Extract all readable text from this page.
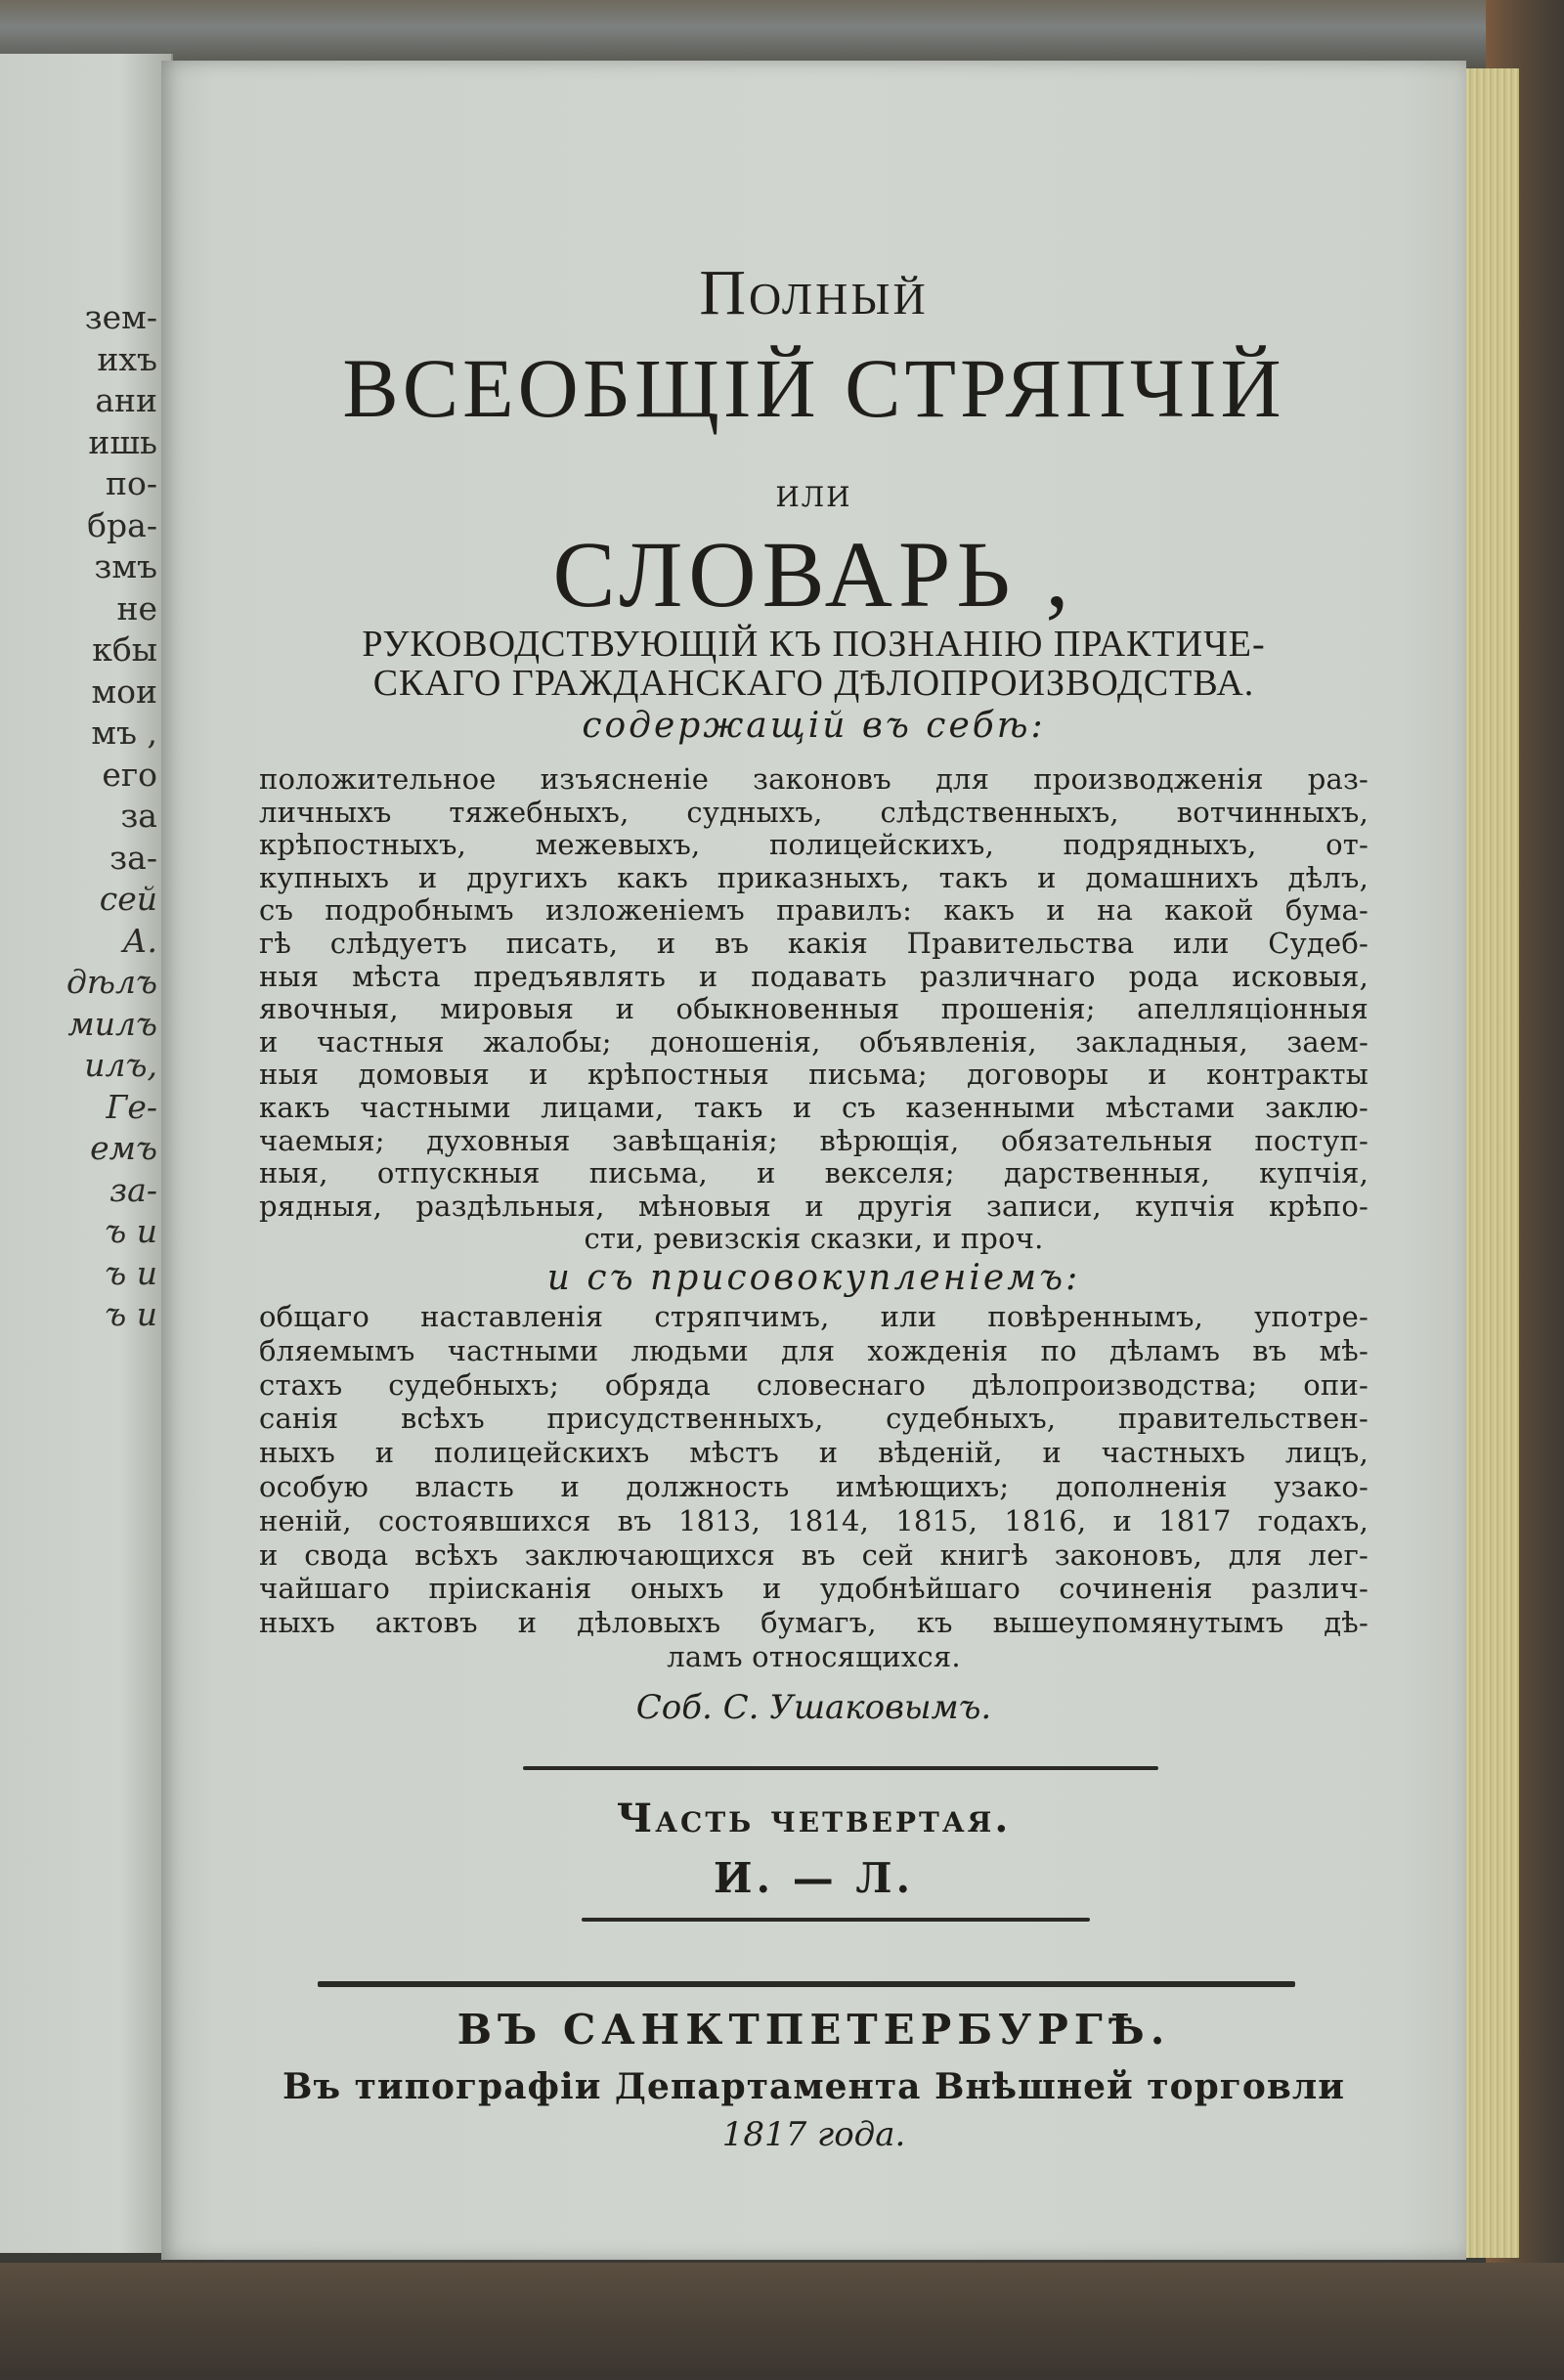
зем-
ихъ
ани
ишь
по-
бра-
змъ
не
кбы
мои
мъ ,
его
за
за-
сей
А.
дѣлъ
милъ
илъ,
Ге-
емъ
за-
ъ и
ъ и
ъ и
Полный
ВСЕОБЩІЙ СТРЯПЧІЙ
или
СЛОВАРЬ ,
РУКОВОДСТВУЮЩІЙ КЪ ПОЗНАНІЮ ПРАКТИЧЕ-
СКАГО ГРАЖДАНСКАГО ДѢЛОПРОИЗВОДСТВА.
содержащій въ себѣ:
положительное изъясненіе законовъ для производженія раз-
личныхъ тяжебныхъ, судныхъ, слѣдственныхъ, вотчинныхъ,
крѣпостныхъ, межевыхъ, полицейскихъ, подрядныхъ, от-
купныхъ и другихъ какъ приказныхъ, такъ и домашнихъ дѣлъ,
съ подробнымъ изложеніемъ правилъ: какъ и на какой бума-
гѣ слѣдуетъ писать, и въ какія Правительства или Судеб-
ныя мѣста предъявлять и подавать различнаго рода исковыя,
явочныя, мировыя и обыкновенныя прошенія; апелляціонныя
и частныя жалобы; доношенія, объявленія, закладныя, заем-
ныя домовыя и крѣпостныя письма; договоры и контракты
какъ частными лицами, такъ и съ казенными мѣстами заклю-
чаемыя; духовныя завѣщанія; вѣрющія, обязательныя поступ-
ныя, отпускныя письма, и векселя; дарственныя, купчія,
рядныя, раздѣльныя, мѣновыя и другія записи, купчія крѣпо-
сти, ревизскія сказки, и проч.
и съ присовокупленіемъ:
общаго наставленія стряпчимъ, или повѣреннымъ, употре-
бляемымъ частными людьми для хожденія по дѣламъ въ мѣ-
стахъ судебныхъ; обряда словеснаго дѣлопроизводства; опи-
санія всѣхъ присудственныхъ, судебныхъ, правительствен-
ныхъ и полицейскихъ мѣстъ и вѣденій, и частныхъ лицъ,
особую власть и должность имѣющихъ; дополненія узако-
неній, состоявшихся въ 1813, 1814, 1815, 1816, и 1817 годахъ,
и свода всѣхъ заключающихся въ сей книгѣ законовъ, для лег-
чайшаго пріисканія оныхъ и удобнѣйшаго сочиненія различ-
ныхъ актовъ и дѣловыхъ бумагъ, къ вышеупомянутымъ дѣ-
ламъ относящихся.
Соб. С. Ушаковымъ.
Часть четвертая.
И. — Л.
ВЪ САНКТПЕТЕРБУРГѢ.
Въ типографіи Департамента Внѣшней торговли
1817 года.
